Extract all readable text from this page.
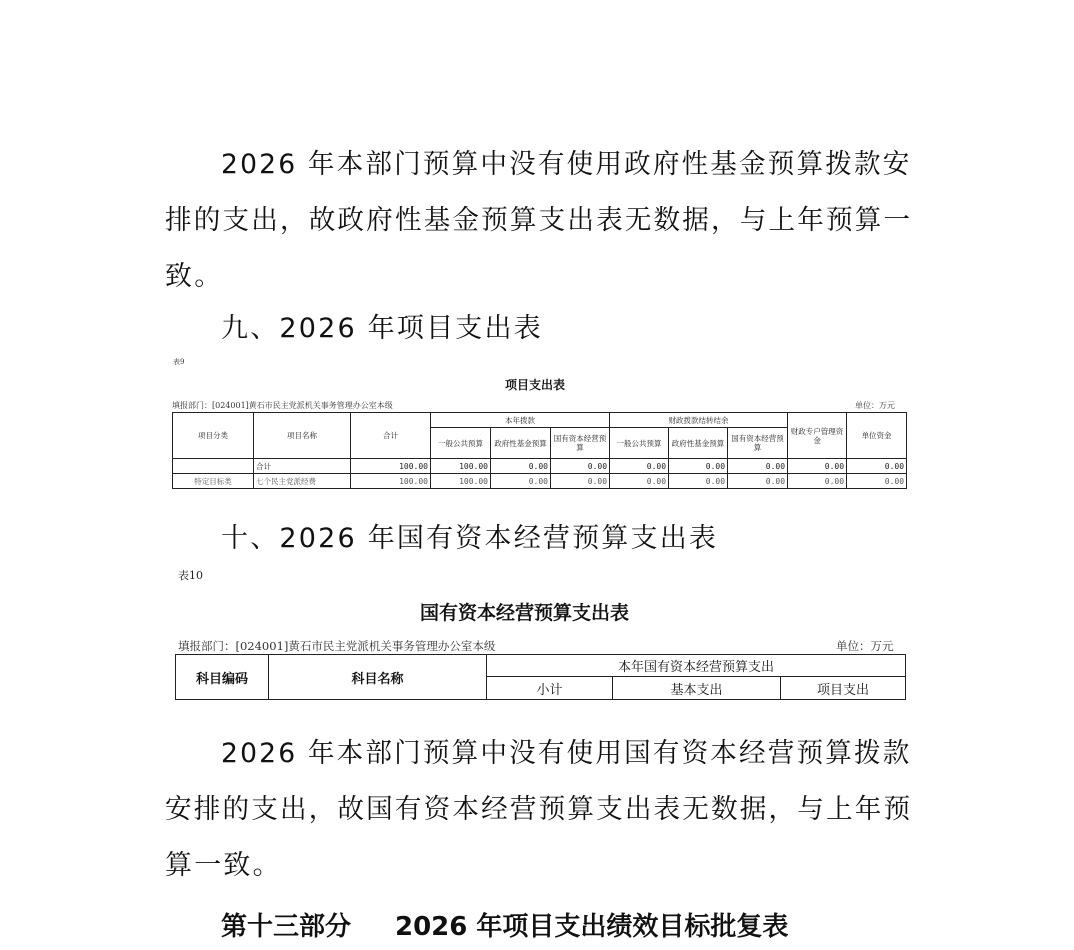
2026 年本部门预算中没有使用政府性基金预算拨款安
排的支出，故政府性基金预算支出表无数据，与上年预算一
致。
九、2026 年项目支出表
表9
项目支出表
填报部门：[024001]黄石市民主党派机关事务管理办公室本级	单位：万元
项目分类	项目名称	合计	本年拨款			财政拨款结转结余			财政专户管理资金	单位资金
			一般公共预算	政府性基金预算	国有资本经营预算	一般公共预算	政府性基金预算	国有资本经营预算		
	合计	100.00	100.00	0.00	0.00	0.00	0.00	0.00	0.00	0.00
特定目标类	七个民主党派经费	100.00	100.00	0.00	0.00	0.00	0.00	0.00	0.00	0.00
十、2026 年国有资本经营预算支出表
表10
国有资本经营预算支出表
填报部门：[024001]黄石市民主党派机关事务管理办公室本级	单位：万元
科目编码	科目名称	本年国有资本经营预算支出		
		小计	基本支出	项目支出
2026 年本部门预算中没有使用国有资本经营预算拨款
安排的支出，故国有资本经营预算支出表无数据，与上年预
算一致。
第十三部分 2026 年项目支出绩效目标批复表
